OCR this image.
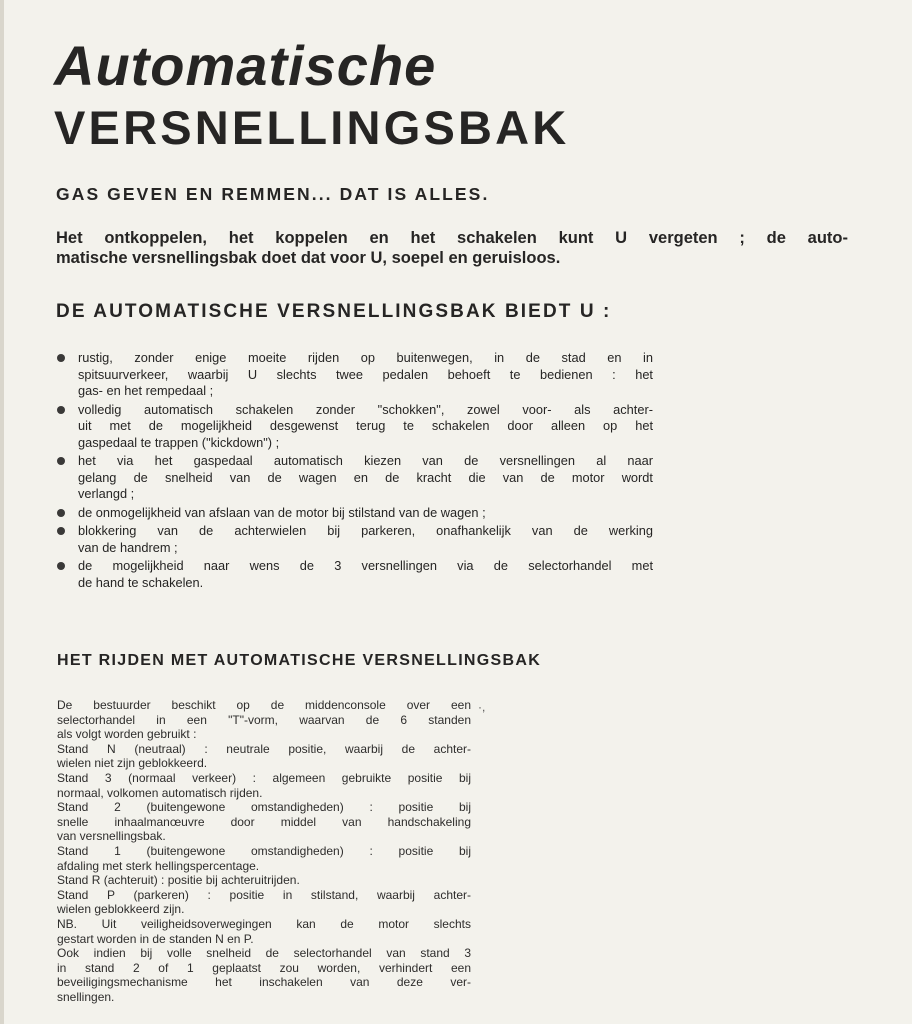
Automatische
VERSNELLINGSBAK
GAS GEVEN EN REMMEN... DAT IS ALLES.
Het ontkoppelen, het koppelen en het schakelen kunt U vergeten ; de auto-
matische versnellingsbak doet dat voor U, soepel en geruisloos.
DE AUTOMATISCHE VERSNELLINGSBAK BIEDT U :
rustig, zonder enige moeite rijden op buitenwegen, in de stad en in
spitsuurverkeer, waarbij U slechts twee pedalen behoeft te bedienen : het
gas- en het rempedaal ;
volledig automatisch schakelen zonder "schokken", zowel voor- als achter-
uit met de mogelijkheid desgewenst terug te schakelen door alleen op het
gaspedaal te trappen ("kickdown") ;
het via het gaspedaal automatisch kiezen van de versnellingen al naar
gelang de snelheid van de wagen en de kracht die van de motor wordt
verlangd ;
de onmogelijkheid van afslaan van de motor bij stilstand van de wagen ;
blokkering van de achterwielen bij parkeren, onafhankelijk van de werking
van de handrem ;
de mogelijkheid naar wens de 3 versnellingen via de selectorhandel met
de hand te schakelen.
HET RIJDEN MET AUTOMATISCHE VERSNELLINGSBAK
De bestuurder beschikt op de middenconsole over een
selectorhandel in een "T"-vorm, waarvan de 6 standen
als volgt worden gebruikt :
Stand N (neutraal) : neutrale positie, waarbij de achter-
wielen niet zijn geblokkeerd.
Stand 3 (normaal verkeer) : algemeen gebruikte positie bij
normaal, volkomen automatisch rijden.
Stand 2 (buitengewone omstandigheden) : positie bij
snelle inhaalmanœuvre door middel van handschakeling
van versnellingsbak.
Stand 1 (buitengewone omstandigheden) : positie bij
afdaling met sterk hellingspercentage.
Stand R (achteruit) : positie bij achteruitrijden.
Stand P (parkeren) : positie in stilstand, waarbij achter-
wielen geblokkeerd zijn.
NB. Uit veiligheidsoverwegingen kan de motor slechts
gestart worden in de standen N en P.
Ook indien bij volle snelheid de selectorhandel van stand 3
in stand 2 of 1 geplaatst zou worden, verhindert een
beveiligingsmechanisme het inschakelen van deze ver-
snellingen.
·,
